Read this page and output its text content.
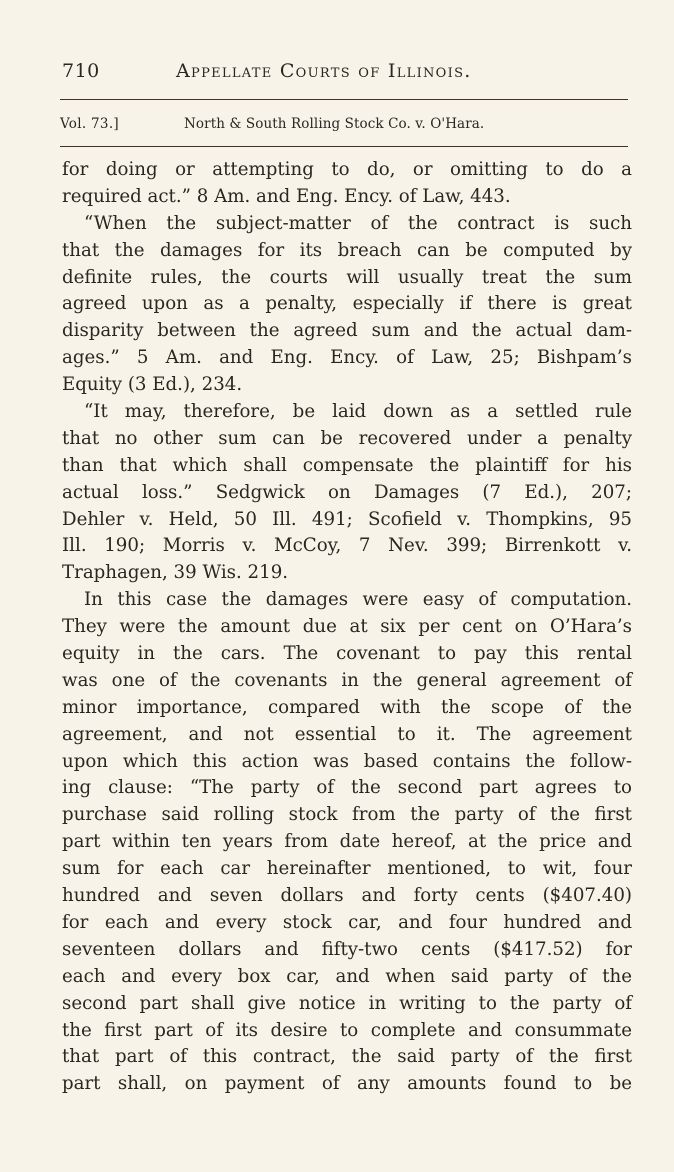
710	Appellate Courts of Illinois.
Vol. 73.]	North & South Rolling Stock Co. v. O'Hara.
for doing or attempting to do, or omitting to do a
required act.” 8 Am. and Eng. Ency. of Law, 443.
“When the subject-matter of the contract is such
that the damages for its breach can be computed by
definite rules, the courts will usually treat the sum
agreed upon as a penalty, especially if there is great
disparity between the agreed sum and the actual dam-
ages.” 5 Am. and Eng. Ency. of Law, 25; Bishpam’s
Equity (3 Ed.), 234.
“It may, therefore, be laid down as a settled rule
that no other sum can be recovered under a penalty
than that which shall compensate the plaintiff for his
actual loss.” Sedgwick on Damages (7 Ed.), 207;
Dehler v. Held, 50 Ill. 491; Scofield v. Thompkins, 95
Ill. 190; Morris v. McCoy, 7 Nev. 399; Birrenkott v.
Traphagen, 39 Wis. 219.
In this case the damages were easy of computation.
They were the amount due at six per cent on O’Hara’s
equity in the cars. The covenant to pay this rental
was one of the covenants in the general agreement of
minor importance, compared with the scope of the
agreement, and not essential to it. The agreement
upon which this action was based contains the follow-
ing clause: “The party of the second part agrees to
purchase said rolling stock from the party of the first
part within ten years from date hereof, at the price and
sum for each car hereinafter mentioned, to wit, four
hundred and seven dollars and forty cents ($407.40)
for each and every stock car, and four hundred and
seventeen dollars and fifty-two cents ($417.52) for
each and every box car, and when said party of the
second part shall give notice in writing to the party of
the first part of its desire to complete and consummate
that part of this contract, the said party of the first
part shall, on payment of any amounts found to be
